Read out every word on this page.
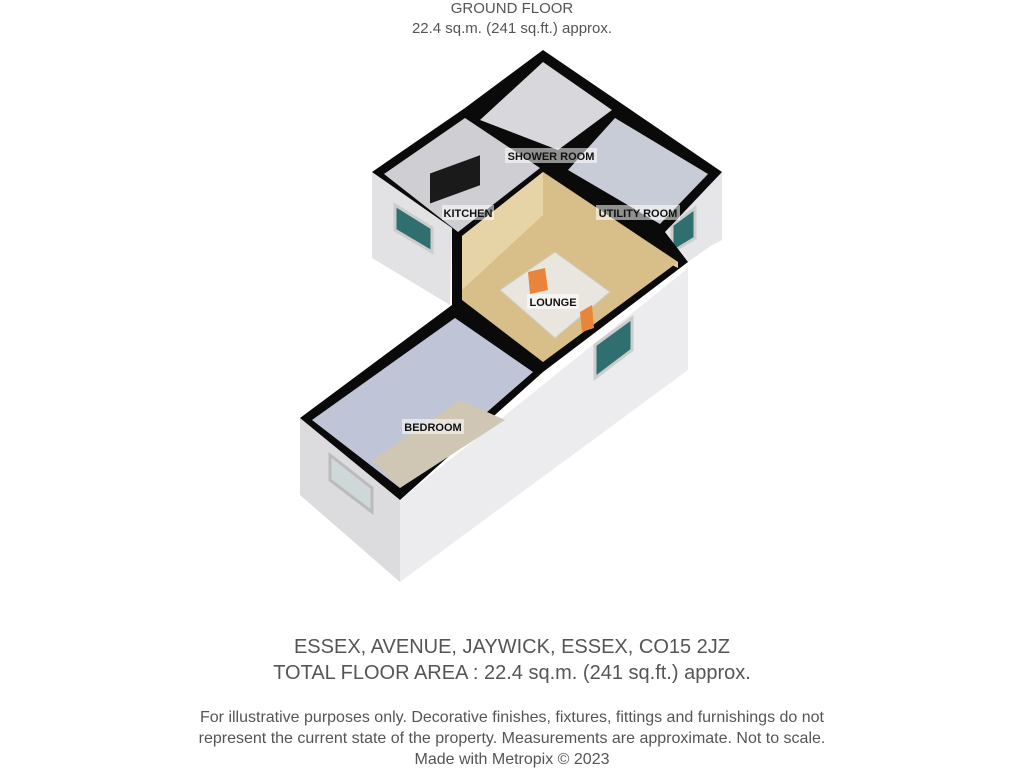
GROUND FLOOR
22.4 sq.m. (241 sq.ft.) approx.
SHOWER ROOM
KITCHEN	UTILITY ROOM
LOUNGE
BEDROOM
ESSEX, AVENUE, JAYWICK, ESSEX, CO15 2JZ
TOTAL FLOOR AREA : 22.4 sq.m. (241 sq.ft.) approx.
For illustrative purposes only. Decorative finishes, fixtures, fittings and furnishings do not
represent the current state of the property. Measurements are approximate. Not to scale.
Made with Metropix © 2023
